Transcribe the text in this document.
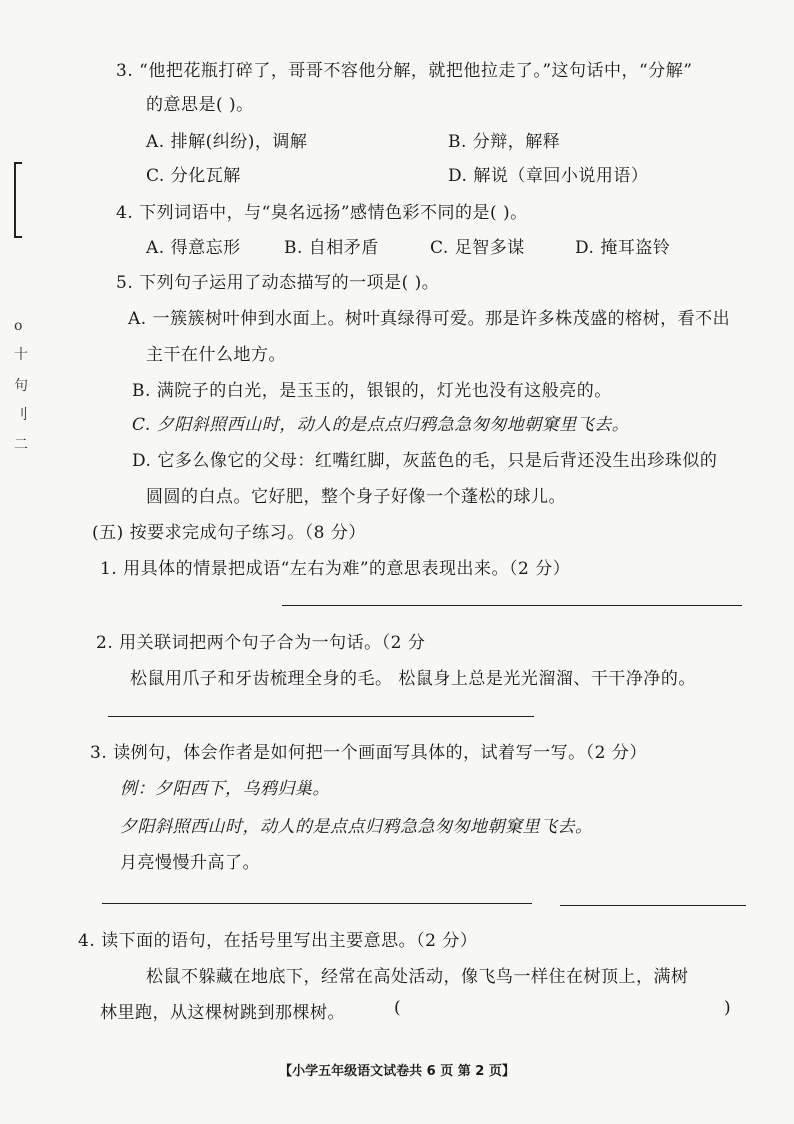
o
十
句
刂
二
3. “他把花瓶打碎了，哥哥不容他分解，就把他拉走了。”这句话中，“分解”
的意思是( )。
A. 排解(纠纷)，调解	B. 分辩，解释
C. 分化瓦解	D. 解说（章回小说用语）
4. 下列词语中，与“臭名远扬”感情色彩不同的是( )。
A. 得意忘形	B. 自相矛盾	C. 足智多谋	D. 掩耳盗铃
5. 下列句子运用了动态描写的一项是( )。
A. 一簇簇树叶伸到水面上。树叶真绿得可爱。那是许多株茂盛的榕树，看不出
主干在什么地方。
B. 满院子的白光，是玉玉的，银银的，灯光也没有这般亮的。
C. 夕阳斜照西山时，动人的是点点归鸦急急匆匆地朝窠里飞去。
D. 它多么像它的父母：红嘴红脚，灰蓝色的毛，只是后背还没生出珍珠似的
圆圆的白点。它好肥，整个身子好像一个蓬松的球儿。
(五) 按要求完成句子练习。（8 分）
1. 用具体的情景把成语“左右为难”的意思表现出来。（2 分）
2. 用关联词把两个句子合为一句话。（2 分
松鼠用爪子和牙齿梳理全身的毛。 松鼠身上总是光光溜溜、干干净净的。
3. 读例句，体会作者是如何把一个画面写具体的，试着写一写。（2 分）
例：夕阳西下，乌鸦归巢。
夕阳斜照西山时，动人的是点点归鸦急急匆匆地朝窠里飞去。
月亮慢慢升高了。
4. 读下面的语句，在括号里写出主要意思。（2 分）
松鼠不躲藏在地底下，经常在高处活动，像飞鸟一样住在树顶上，满树
林里跑，从这棵树跳到那棵树。	(	)
【小学五年级语文试卷共 6 页 第 2 页】
